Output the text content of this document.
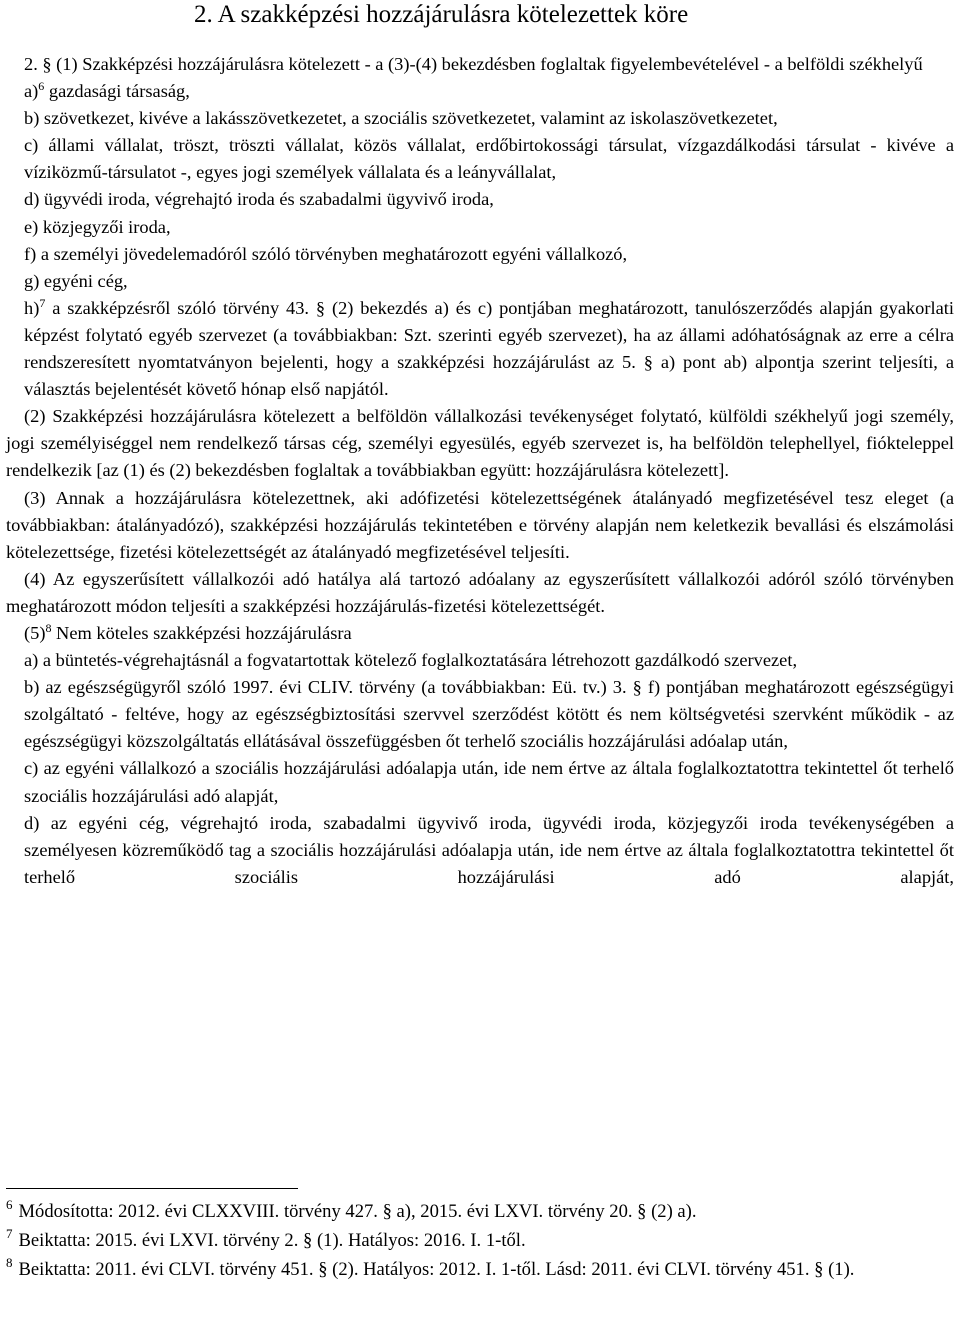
2. A szakképzési hozzájárulásra kötelezettek köre

2. § (1) Szakképzési hozzájárulásra kötelezett - a (3)-(4) bekezdésben foglaltak figyelembevételével - a belföldi székhelyű

a)$^6$ gazdasági társaság,

b) szövetkezet, kivéve a lakásszövetkezetet, a szociális szövetkezetet, valamint az iskolaszövetkezetet,

c) állami vállalat, tröszt, tröszti vállalat, közös vállalat, erdőbirtokossági társulat, vízgazdálkodási társulat - kivéve a víziközmű-társulatot -, egyes jogi személyek vállalata és a leányvállalat,

d) ügyvédi iroda, végrehajtó iroda és szabadalmi ügyvivő iroda,

e) közjegyzői iroda,

f) a személyi jövedelemadóról szóló törvényben meghatározott egyéni vállalkozó,

g) egyéni cég,

h)$^7$ a szakképzésről szóló törvény 43. § (2) bekezdés a) és c) pontjában meghatározott, tanulószerződés alapján gyakorlati képzést folytató egyéb szervezet (a továbbiakban: Szt. szerinti egyéb szervezet), ha az állami adóhatóságnak az erre a célra rendszeresített nyomtatványon bejelenti, hogy a szakképzési hozzájárulást az 5. § a) pont ab) alpontja szerint teljesíti, a választás bejelentését követő hónap első napjától.

(2) Szakképzési hozzájárulásra kötelezett a belföldön vállalkozási tevékenységet folytató, külföldi székhelyű jogi személy, jogi személyiséggel nem rendelkező társas cég, személyi egyesülés, egyéb szervezet is, ha belföldön telephellyel, fióktelеppel rendelkezik [az (1) és (2) bekezdésben foglaltak a továbbiakban együtt: hozzájárulásra kötelezett].

(3) Annak a hozzájárulásra kötelezettnek, aki adófizetési kötelezettségének átalányadó megfizetésével tesz eleget (a továbbiakban: átalányadózó), szakképzési hozzájárulás tekintetében e törvény alapján nem keletkezik bevallási és elszámolási kötelezettsége, fizetési kötelezettségét az átalányadó megfizetésével teljesíti.

(4) Az egyszerűsített vállalkozói adó hatálya alá tartozó adóalany az egyszerűsített vállalkozói adóról szóló törvényben meghatározott módon teljesíti a szakképzési hozzájárulás-fizetési kötelezettségét.

$(5)^8$ Nem köteles szakképzési hozzájárulásra

a) a büntetés-végrehajtásnál a fogvatartottak kötelező foglalkoztatására létrehozott gazdálkodó szervezet,

b) az egészségügyről szóló 1997. évi CLIV. törvény (a továbbiakban: Eü. tv.) 3. § f) pontjában meghatározott egészségügyi szolgáltató - feltéve, hogy az egészségbiztosítási szervvel szerződést kötött és nem költségvetési szervként működik - az egészségügyi közszolgáltatás ellátásával összefüggésben őt terhelő szociális hozzájárulási adóalap után,

c) az egyéni vállalkozó a szociális hozzájárulási adóalapja után, ide nem értve az általa foglalkoztatottra tekintettel őt terhelő szociális hozzájárulási adó alapját,

d) az egyéni cég, végrehajtó iroda, szabadalmi ügyvivő iroda, ügyvédi iroda, közjegyzői iroda tevékenységében a személyesen közreműködő tag a szociális hozzájárulási adóalapja után, ide nem értve az általa foglalkoztatottra tekintettel őt terhelő szociális hozzájárulási adó alapját,

$^6$ Módosította: 2012. évi CLXXVIII. törvény 427. § a), 2015. évi LXVI. törvény 20. § (2) a).

$^7$ Beiktatta: 2015. évi LXVI. törvény 2. § (1). Hatályos: 2016. I. 1-től.

$^8$ Beiktatta: 2011. évi CLVI. törvény 451. § (2). Hatályos: 2012. I. 1-től. Lásd: 2011. évi CLVI. törvény 451. § (1).
